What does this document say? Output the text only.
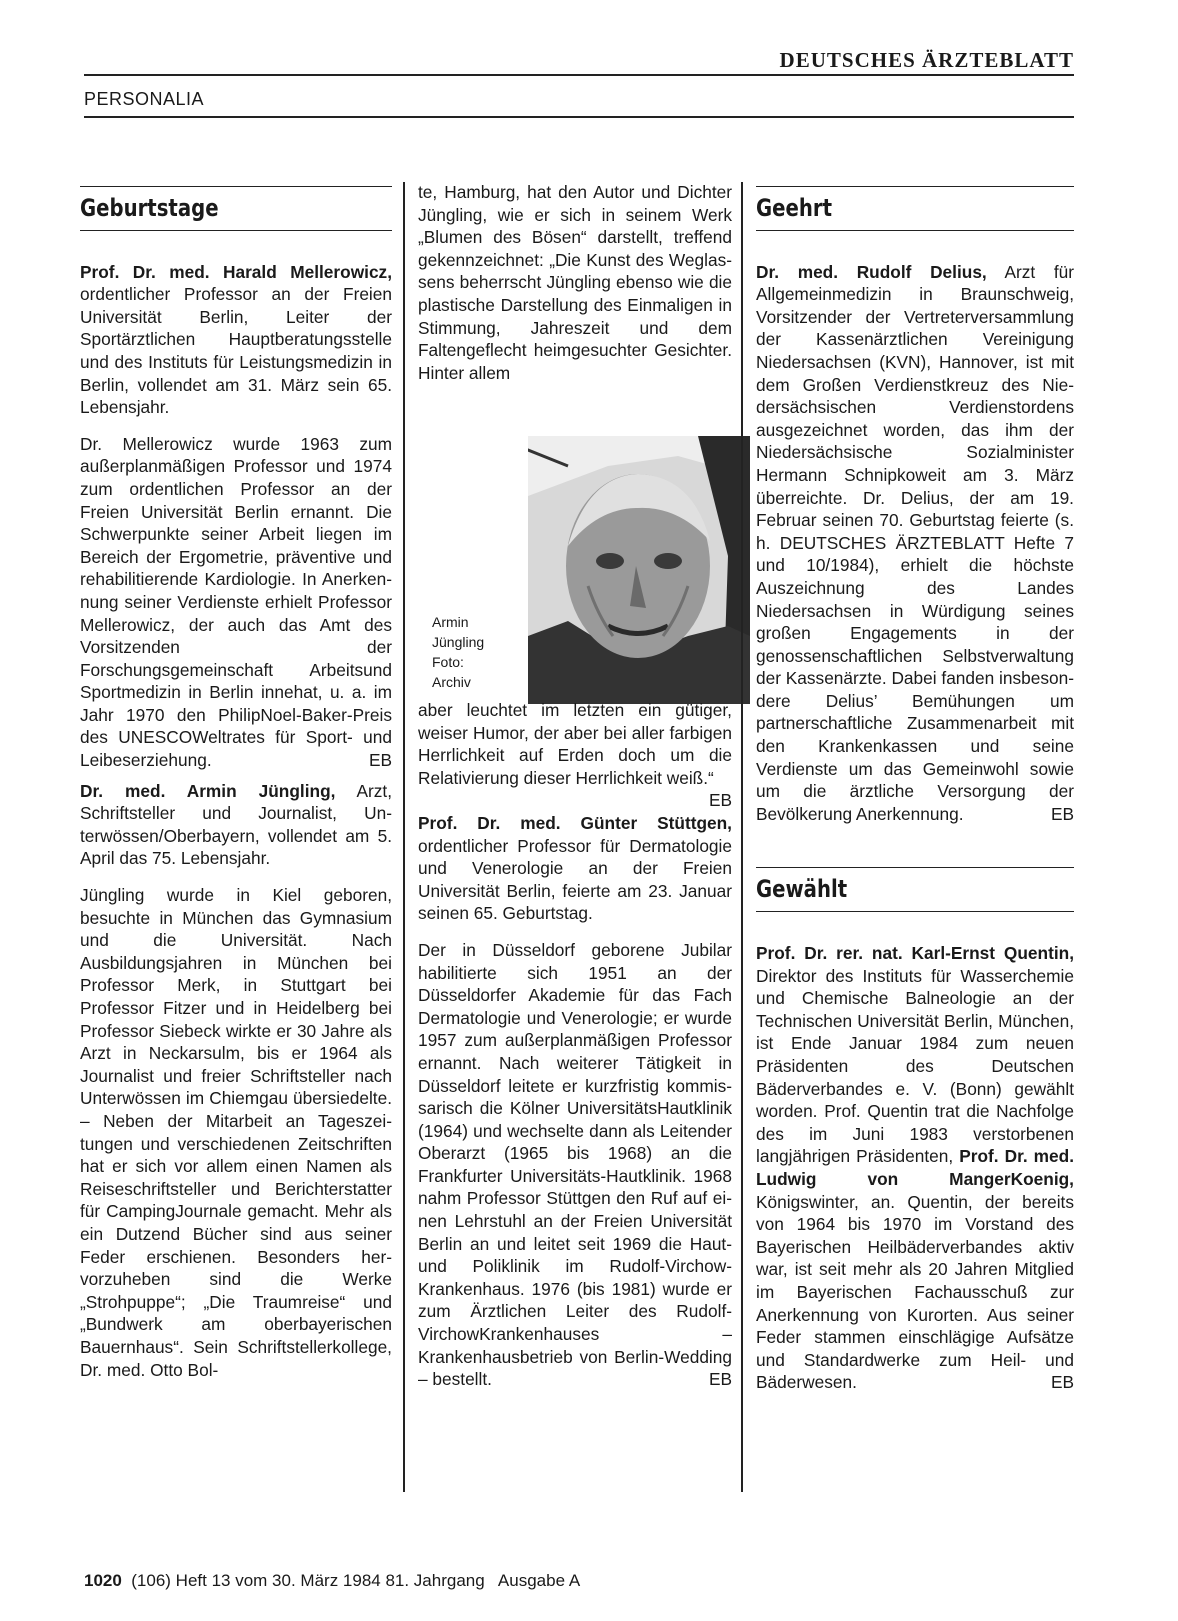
DEUTSCHES ÄRZTEBLATT
PERSONALIA
Geburtstage

Prof. Dr. med. Harald Mellerowicz, ordentlicher Professor an der Freien Universität Berlin, Leiter der Sportärztlichen Hauptberatungsstelle und des Instituts für Leistungsmedizin in Berlin, vollendet am 31. März sein 65. Lebensjahr.

Dr. Mellerowicz wurde 1963 zum außerplanmäßigen Professor und 1974 zum ordentlichen Professor an der Freien Universität Berlin ernannt. Die Schwerpunkte seiner Arbeit liegen im Bereich der Ergometrie, präventive und rehabilitierende Kardiologie. In Anerkennung seiner Verdienste erhielt Professor Mellerowicz, der auch das Amt des Vorsitzenden der Forschungsgemeinschaft Arbeitsund Sportmedizin in Berlin innehat, u. a. im Jahr 1970 den PhilipNoel-Baker-Preis des UNESCOWeltrates für Sport- und Leibeserziehung.	EB

Dr. med. Armin Jüngling, Arzt, Schriftsteller und Journalist, Unterwössen/Oberbayern, vollendet am 5. April das 75. Lebensjahr.

Jüngling wurde in Kiel geboren, besuchte in München das Gymnasium und die Universität. Nach Ausbildungsjahren in München bei Professor Merk, in Stuttgart bei Professor Fitzer und in Heidelberg bei Professor Siebeck wirkte er 30 Jahre als Arzt in Neckarsulm, bis er 1964 als Journalist und freier Schriftsteller nach Unterwössen im Chiemgau übersiedelte. – Neben der Mitarbeit an Tageszeitungen und verschiedenen Zeitschriften hat er sich vor allem einen Namen als Reiseschriftsteller und Berichterstatter für CampingJournale gemacht. Mehr als ein Dutzend Bücher sind aus seiner Feder erschienen. Besonders hervorzuheben sind die Werke „Strohpuppe“; „Die Traumreise“ und „Bundwerk am oberbayerischen Bauernhaus“. Sein Schriftstellerkollege, Dr. med. Otto Bol-

te, Hamburg, hat den Autor und Dichter Jüngling, wie er sich in seinem Werk „Blumen des Bösen“ darstellt, treffend gekennzeichnet: „Die Kunst des Weglassens beherrscht Jüngling ebenso wie die plastische Darstellung des Einmaligen in Stimmung, Jahreszeit und dem Faltengeflecht heimgesuchter Gesichter. Hinter allem

Armin
Jüngling
Foto:
Archiv

aber leuchtet im letzten ein gütiger, weiser Humor, der aber bei aller farbigen Herrlichkeit auf Erden doch um die Relativierung dieser Herrlichkeit weiß.“
EB

Prof. Dr. med. Günter Stüttgen, ordentlicher Professor für Dermatologie und Venerologie an der Freien Universität Berlin, feierte am 23. Januar seinen 65. Geburtstag.

Der in Düsseldorf geborene Jubilar habilitierte sich 1951 an der Düsseldorfer Akademie für das Fach Dermatologie und Venerologie; er wurde 1957 zum außerplanmäßigen Professor ernannt. Nach weiterer Tätigkeit in Düsseldorf leitete er kurzfristig kommissarisch die Kölner UniversitätsHautklinik (1964) und wechselte dann als Leitender Oberarzt (1965 bis 1968) an die Frankfurter Universitäts-Hautklinik. 1968 nahm Professor Stüttgen den Ruf auf einen Lehrstuhl an der Freien Universität Berlin an und leitet seit 1969 die Haut- und Poliklinik im Rudolf-Virchow-Krankenhaus. 1976 (bis 1981) wurde er zum Ärztlichen Leiter des Rudolf-VirchowKrankenhauses – Krankenhausbetrieb von Berlin-Wedding – bestellt.	EB

Geehrt

Dr. med. Rudolf Delius, Arzt für Allgemeinmedizin in Braunschweig, Vorsitzender der Vertreterversammlung der Kassenärztlichen Vereinigung Niedersachsen (KVN), Hannover, ist mit dem Großen Verdienstkreuz des Niedersächsischen Verdienstordens ausgezeichnet worden, das ihm der Niedersächsische Sozialminister Hermann Schnipkoweit am 3. März überreichte. Dr. Delius, der am 19. Februar seinen 70. Geburtstag feierte (s. h. DEUTSCHES ÄRZTEBLATT Hefte 7 und 10/1984), erhielt die höchste Auszeichnung des Landes Niedersachsen in Würdigung seines großen Engagements in der genossenschaftlichen Selbstverwaltung der Kassenärzte. Dabei fanden insbesondere Delius’ Bemühungen um partnerschaftliche Zusammenarbeit mit den Krankenkassen und seine Verdienste um das Gemeinwohl sowie um die ärztliche Versorgung der Bevölkerung Anerkennung.	EB

Gewählt

Prof. Dr. rer. nat. Karl-Ernst Quentin, Direktor des Instituts für Wasserchemie und Chemische Balneologie an der Technischen Universität Berlin, München, ist Ende Januar 1984 zum neuen Präsidenten des Deutschen Bäderverbandes e. V. (Bonn) gewählt worden. Prof. Quentin trat die Nachfolge des im Juni 1983 verstorbenen langjährigen Präsidenten, Prof. Dr. med. Ludwig von MangerKoenig, Königswinter, an. Quentin, der bereits von 1964 bis 1970 im Vorstand des Bayerischen Heilbäderverbandes aktiv war, ist seit mehr als 20 Jahren Mitglied im Bayerischen Fachausschuß zur Anerkennung von Kurorten. Aus seiner Feder stammen einschlägige Aufsätze und Standardwerke zum Heil- und Bäderwesen.	EB

1020  (106) Heft 13 vom 30. März 1984 81. Jahrgang   Ausgabe A
